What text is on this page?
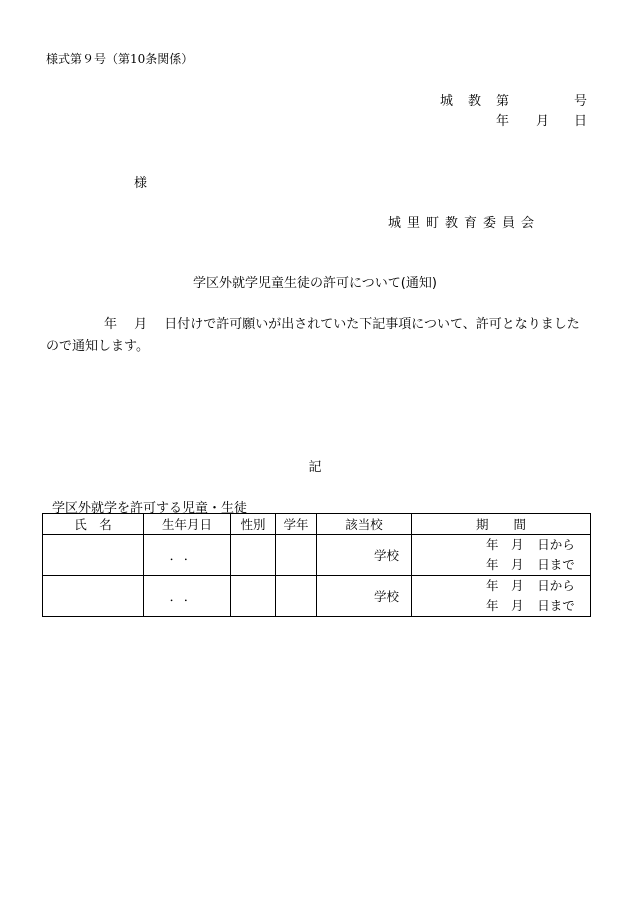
様式第９号（第10条関係）
城 教 第	号
年 月 日
様
城里町教育委員会
学区外就学児童生徒の許可について(通知)
年　 月　 日付けで許可願いが出されていた下記事項について、許可となりました
ので通知します。
記
学区外就学を許可する児童・生徒
氏　名	生年月日	性別	学年	該当校	期　　間
	．．			学校	年 月 日から
年 月 日まで

	．．			学校	年 月 日から
年 月 日まで
